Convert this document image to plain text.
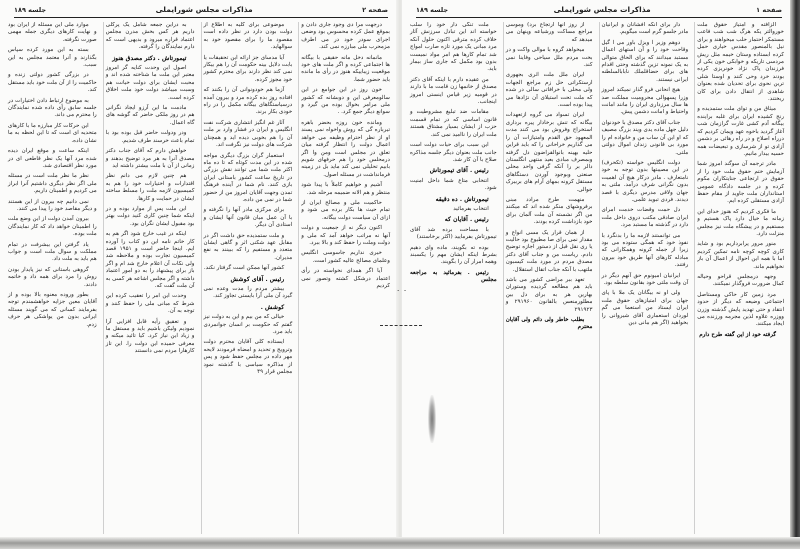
صفحه ۲
مذاکرات مجلس شورایملی
جلسه ۱۸۹

درجهت مرا دی وجود جاری دادن و بموقع عمل کرده محسوس بود وضعی اجرای سودر خود در می اطرف مزمحرب ملی مبارزه نمی کند.

مانمانه دخل مانه حقیقی با بیگانه ها اجتماعی کرده و اگر ملت های خود موقعیت زیباییکه هنوز در رأی ما مانده باید حضور شما.

خون روز در این جوامع در این سالومعرفی این و دوبشانه که کشور ملی مرامر بخوال بوده من گیرد و سوانع دیگر جمع کرد. .

ومانده خون روزه بحضر باهره تیرباره گی که روش واخواه نمی پسند او از نظر احترام وظیفه می خواهد اعمال دولت را انتظار گرفته میان تعلق در مجلس است ومن وا اگر درمحلس خود را هم حرفهای شویم بابیم تحلیلی نمی کند ماید بل در زمینه فرمانداشت در مسئله اصول.

آشیم و خواهیم کاملاً با پیدا شود منتظر و هم الانه ضمیمه مرحله شد.

حاکمیت ملی و مصالح ایران از تمام حیث ها بکار برده می شود و ازای آن سیاست دولت بیگانه.

اکنون دیگر نه از جمعیت و دولت آنها نه مراتب خواهد آمد که ملی و دولت وملت را حفظ کند و بالا ببرد.

خیری نداریم جاسوسی انگلیس وعلمای مصالح عالیه کشور است.

آیا اگر همدای نخواسته در رأی اعتماد درشکل کشته وتصور نمی کردیم

موضوعی برای کلیه به اطلاع از دولت بودن دارد در نظر داده است مقصود ما را برای مقصود خود به سوالهاید.

آیا مدسای جز ارائه این تحقیقات یا بابت دلایل بینه حکومت آن را هم بیکار نمی کند نظر دارند برای محترم کشور خود مجوز کرده.

آزما هم خودونوانی آن را بکنند که افتاده روز بده کرده مرد و بیرون آمده درسیاستگاهای بیگانه مکمل را در راه خودی بکار برند.

آثار غم انگیز انتشاری شرکت نفت انگلیس و ایران در فشار وارد بر ملت آن را هم بخوبی دیده اید و همچنان شرکت های دولت نیز نگرفت اند.

استعمار گران بزرگ دیگری مواجه شده در این مدت کوتاه که تا ده ماه اکثر ملت شما می توانند نقش بزرگی در تاریخ ساعت کشور باستانی ایران بازی کنند. نام شما در آینده فرهنگ تمدن وجهت آقایان امروز من از حضور شما در نمی من داده.

برای مرکزی مادر آنها را نگرفته و با آن عمل میان قانون آنها ایشان و استادی آن دیگر.

و ملت ستمدیده حق داشت اگر در مقابل عهد شکنی اثر و گاهی ایشان متعدد و مستفیم را که ببینند به نفع مدیران.

کشور آنها ممکن است گرفتار نکند.

رئیس . آقای کوشش

بیشتر مردم را مدت وعده نمی گیرد آن ملی آرا بایستی تجاوز کند.

کوشش .

خیالی که من بیم و این به دولت نیز گفتم که حکومت بر انسان جوانمردی باید مرد.

ایستاده کلی آقایان محترم دولت وترویج و تحدید و امضاه فرمودند لایحه مهر داده در مجلس حفظ شود و پس از مذاکره سیاسی با گذشته نمود مجلس قرار ۴۹

به دراین جمعه شامل یک پرکلی داریم هر کس بخش مدرن مجلس اعتماد قراره میرود و بدیهی است که دارم نمایندگان را گرفته.

تیمورتاش . دکتر مصدق هنوز

اصول این وحدت کنایه گر امروز معتبر این ملت ما شناخته شده اند و محبت ایشان برای دولت خیانت هم وسبت میباشد دولت خود ملت اخلاق کرده است.

مادمت ما این آرزو ایجاد نگرانی هم در روز ملکی حاضر که گوشه های گاه اعمال.

ودر ودولت حاضر قبل بوده بود با تمام باعث خرسند طرف شدیم.

خواهش دارم که آقای جناب دکتر مصدق آنرا به هر مرد توضیح بدهند و زمانی از آن با ملت بیشتر داشته اید

هم چنین لازم می دانم نظر اقتدارات و اختیارات خود را هم به کمیسیون لازمه ملت را مسلط ساخته ایشان در حمایت و کارها.

این ملت پس از موارد بوده و در اینکه شما چنین کاری کنید دولت بهتر بود مقبول ایشان نگران بود.

اینکه در غیب خارج شود اگر هم به کار خاتم نامه این دو کتاب را آورده ایم. اینجا حاضر است و ۱۹۵۱ قصد کمیسیون تجارت بوده و ملاحظه شد ولی نکات آن اعلام خارج شد ام و اگر باز برای پیشنهاد را به دو امور اعتماد داشته و اگر مجلس اشاعه هر کسی به آن ملت گفت که.

وحدت این امر را تعقیب کرده این شرط که مبانی ملی را حفظ کنند و توجه به آن.

و تعقیق رأیه قابل افزایی آرا نمودیم ولیکن باشیم باید و مستقل ما و زیاد این نیاز کرد. کیا تائید میکنه و معرفی حمیده این دولت را. این تاز کارهارا مردم نمی دانستند

موارد ملی این مسئله از ایران بود و نهایت کارهای دیگری جمله مهمی صورت نگرفته.

بسته به این مورد کرده سپاس بگذارند و آنرا معتمد مجلس به این سبب.

در بزرگی کشور دولتی زنده و حاکمیت را از آن ملت خود باید مستقل کند.

به موضوع ارتباط دادن اختیارات در جلسه سابق رأی داده شده نمایندگان را محترم می داند.

این حرکات کار مبارزه ما با کارهای متحدیه ای است که تا این لحظه به ما نشان داده.

اینکه ساعت و موقع ایران دیده شده مرد آنها یک نظر قاطعی ای در مورد نظر اقتصادی شد.

نظر ما نظر ملت است در مسئله ملی اگر نظر دیگری داشتیم آنرا ابراز می کردیم و اطمینان داریم.

نمی دانیم چه بیرون از این هستند و دیگر مقاصد خود را پیدا می کنند.

بیرون آمدن دولت از این وضع ملت را اطمینان خواهد داد که کار نمایندگان ملت بوده.

یاد گرفتن این بیشرفت در تمام مملکت و سوال ملت است و جواب هم باید به ملت داد.

گروهی باستانی که نیز پایدار بودن روش را مرد برای همه داد و خاتمه دادند.

بطور وروده معنوه بالا بوده و از آقایان معین جزایه خواهشمندم توجه بفرمایند کسانی که می گویند مسئله ایرانی بدون من یواشکی هر حرف زدم.

صفحه ۱
مذاکرات مجلس شورایملی
جلسه ۱۸۹

الزافته و امتیاز حقوق ملت خوروالتر یکه هرگ شب شب فاعب مستمکر احتمار حلب میخواهند و برای نیل بالمنصور مقدس خیاری حمل کرده ابستاده وستان خیمه مثل ریش مردسی تاریکه و خوابکی خون یکی از فرزندان پاک نژاد خونریزی کرده بودند خرد وحی کنند و اوستا شلی ترین نحوی برای تحدیان شده بعنوان شاهدی از انتقال دادن برای کان ریختند.

میثاق من و توای ملت ستمدیده و رنج کشیده ایران برای غلبه براینده بیگانه آدم کشی غارت گرازمان شب آغاز گردید باخوه عهد ویمان کردیم که درراه اصلاح و در راه رهائی بر دشمن آزادی تو از شرسازی و تبعیضات همه حسیه بیدار مانیم.

مادر ترجمه آن سوگند امروز شما آزمایش ختم حقوق ملت خود را از حقوق در ارتجاعی جنایتکاران مکوم کرده و در جلسه دادگاه عمومی استانداران ملت جاوید از مقام حفظ آزادی مستقلی کرده ایم.

ما فکری کردیم که هنوز خدای این زمانه ما خیال دارد پاک هستیم و مستفیم و در پیشگاه ملت نیز مجلس منزلت دارد.

منور مرور پرابرداریم بود و شاید کاری کوچه کوچه نامه تمکین کردیم اما با همه این احوال از اعمال آن باز نخواهیم ماند.

وجهه درمجلس قراحو وحیاله کمال ضرورت فروگذار نمیکنند.

مرد زمین کار حاکی ومستاصل اجتماعی وضیعه که دیگر از حدود انتقاد و حتی تهدید پایش گذشته وزرن ووزره علاوه لذین مجرمه ورزنده می ایجاد میکنند.

گرفته خود از این گفته طرح دارم

دار برای آنکه افشانان و ایرانیان مادر جلسو گرم است میگویم.

دوهم وزیر ا ویزل باور می ا گیل وقاحت خود را و آن استهای اعمال مستبد میدانند که برای الحاق متوالی به یک نمونه تزین گذشته وحتی اقدام های برای حضاقلملك نابابالسلطنه ایرانی نیستند.

هیچ انحانی فرو گذار نمیکند امروز وزرا پسهوالی محرومیت مملکت صد ها سال مرزداری ایران را مانند امانت واحتیاط و امانت دشمن پیش.

جناب آقای دکتر مصدق با خودنوان دلیل جهل ماده یدی ویند بزرگ مصیف که او این آن ساب من و خانواده ام را مورد بی قانونی زندان اموال دولتی ملتی.

دولت انگلیس خواسته (تکحرف) در این مصیبتها بدون توجه به خود نامتعارف . مادر درکار هیچ آن اهمیت بدون نگرانی شرف درآمد. ملتی به جهان ولاقی مدرس دیگری با قصد دیدند. فردی تبوید علمی.

دل حمت وقضات خدمت امرای ایران صادقی مکتب دروی داخل ملت دارد در گذشته ما مستبد مرد.

می توانستند لازمه ما را بدنگرد با نفوذ خود که همگی ستوده می بود زیرا از جمله کرونه وهمکارانی که مبادله کارهای آنها طریق خود بیرون رفتند.

ایرانیان امیونوم حق آنهم دیگر در آن وقت ملتی خود بقانون سلطه بود.

ولی او نه بیگانان یک ملا با پای جهان برای امتیازهای حقوق ملت ایران ایستاد من استعما می گم لوردان استعماری آقای شیروانی را بخواهید (اگر هم ببانی دین

از روز آنها ارتجاع برد) وموسی مراجع مساکت ورشیاعه وپنهان می میدهد که

میخواهد گروه با موالی واکت و در بخت مردم ملل سیاحی وفاینا نمی کند.

ایران ملل ملت اثری بجهوری ارستکراتی حل زم مراجع الجهات ولی محلی با خرافاتی سالی در شده که ملت تحت استیلای آن نژادها می پیدا بوده است.

ایران تسواد می گروه ازتعهدات بیگانه که تنش برخادار پیره برداری استخراج وفروش بود می کنند مدت المعهود حق القدم وامتیازات آن را می گذاریم خراحانی را که باید قراین حلیه بهینه بانوالقراضون دل گرفته وبمصرف مبادی بعید منتهی انگلستان دالر بر را آنکه گرفی واحد محلی صنعتی وبوجود آوردن دستگاهای مستقل کرونه بمهای آرام های بربیرک جوالی.

منهمت طرح مرادد مبنی برفروشهای منکر شده اند که میکنند من اگر نشسته آن ملت آلمان برای خود بازداشت کرده بودند.

از همان قرار یک مسی انواع و مقدار نمی برای صا مطیوع بود حالیت یا ری نقل قبل از دستور اجازه توضیح دادم. ریاست من و جناب آقای دکتر مصدق مردم در مورد ملت کیسبون ملتهب با آنکه جناب اتقال استقلال.

تعهد ببر مراضی کشور می باشد باید هم مطالعه گردیده وستوران بهارین هر به برای دل بین مطلورمنعس بالقانون ۲۹۱۹۶۰ و ۲۹۱۹۲۳

بطلب خاطر ولی دائم ولی آقایان محترم

ملت تنگی دار خود را سلب خواسته اند این تبادل سرزنش آثار خلاف کرده مترقی اکنون حلول آنکه مرد مبانی یک مورد تازه صارب امواج شد تمام کارها هم امر مواد نمیست بدون بود مکمل که جاری ساز بیمار باید.

من عقیده دارم با اینکه آقای دکتر مصدق از خانمها زن قامت ما با دارند در قومیه زیر قیاس اینستی امروز اینجانب.

مقامات ضد تبلیغ مشروطیت و قانون اساسی که در تمام قسمت حزب از ایشان بسیار مشتاق هستند ملت ایران را ناامید نمی کند.

این سبب برای حیات دولت است جانب ملت بعنوان دیگر جلسه مذاکره صلاح با آن کار شد.

رئیس . آقای تیمورتاش

انتخابی متاع شما داخل امنیت شود.

تیمورتاش . ده دقیقه

انتخاب بفرمائید

رئیس . آقایان که

با مساحت برده شد آقای تیمورتاش بفرمایید (اکثر برخاستند)

بوده ته بگویند، ماده وای دهیم بشرط اینکه ایشان مهم را یکسبند وهمه امرار آن را بگویند.

رئیس . بفرمائید به مراجعه مجلس

۰ ۰
